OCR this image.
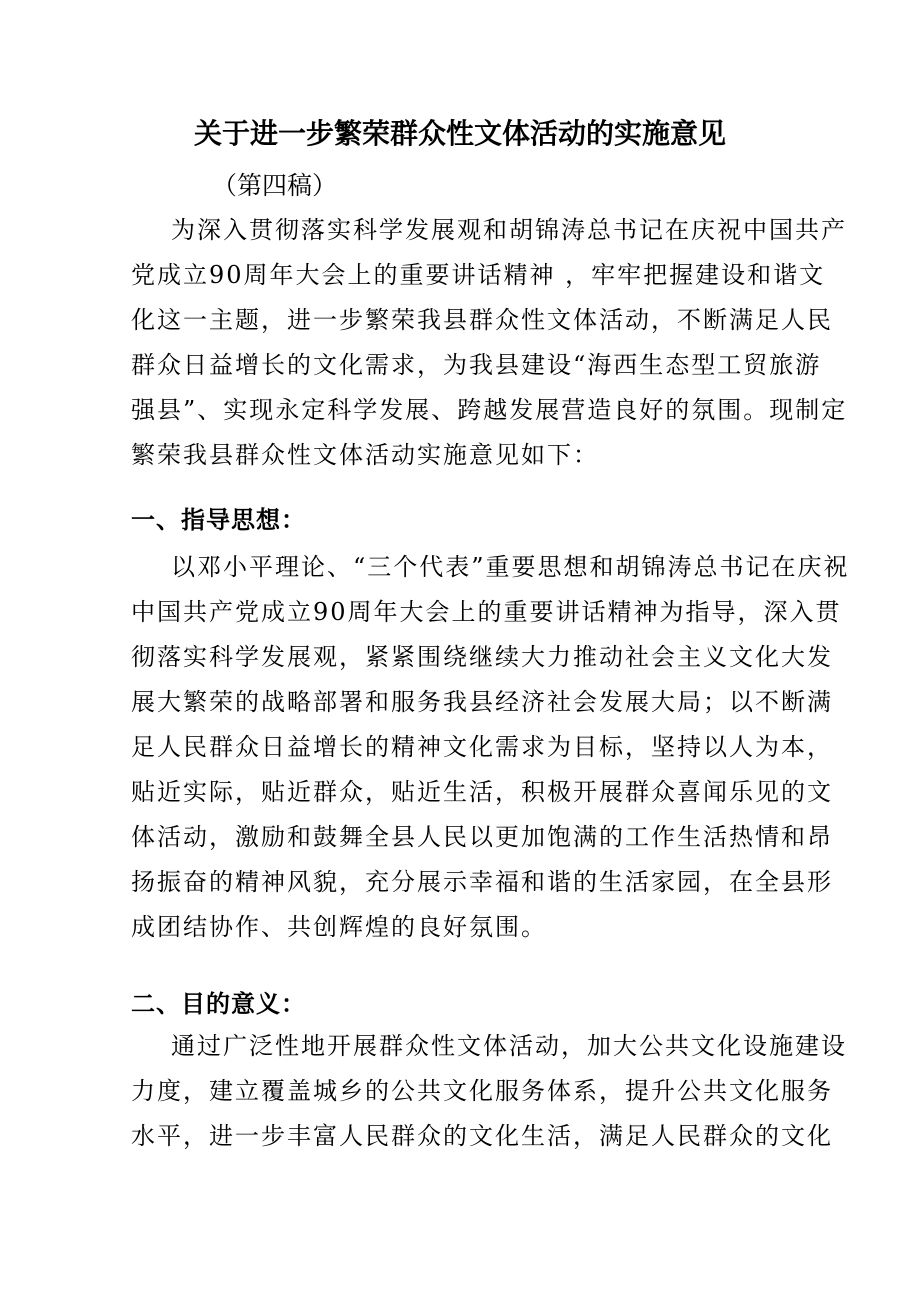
关于进一步繁荣群众性文体活动的实施意见
（第四稿）
为深入贯彻落实科学发展观和胡锦涛总书记在庆祝中国共产
党成立90周年大会上的重要讲话精神 ，牢牢把握建设和谐文
化这一主题，进一步繁荣我县群众性文体活动，不断满足人民
群众日益增长的文化需求，为我县建设“海西生态型工贸旅游
强县”、实现永定科学发展、跨越发展营造良好的氛围。现制定
繁荣我县群众性文体活动实施意见如下：
一、指导思想：
以邓小平理论、“三个代表”重要思想和胡锦涛总书记在庆祝
中国共产党成立90周年大会上的重要讲话精神为指导，深入贯
彻落实科学发展观，紧紧围绕继续大力推动社会主义文化大发
展大繁荣的战略部署和服务我县经济社会发展大局；以不断满
足人民群众日益增长的精神文化需求为目标，坚持以人为本，
贴近实际，贴近群众，贴近生活，积极开展群众喜闻乐见的文
体活动，激励和鼓舞全县人民以更加饱满的工作生活热情和昂
扬振奋的精神风貌，充分展示幸福和谐的生活家园，在全县形
成团结协作、共创辉煌的良好氛围。
二、目的意义：
通过广泛性地开展群众性文体活动，加大公共文化设施建设
力度，建立覆盖城乡的公共文化服务体系，提升公共文化服务
水平，进一步丰富人民群众的文化生活，满足人民群众的文化
